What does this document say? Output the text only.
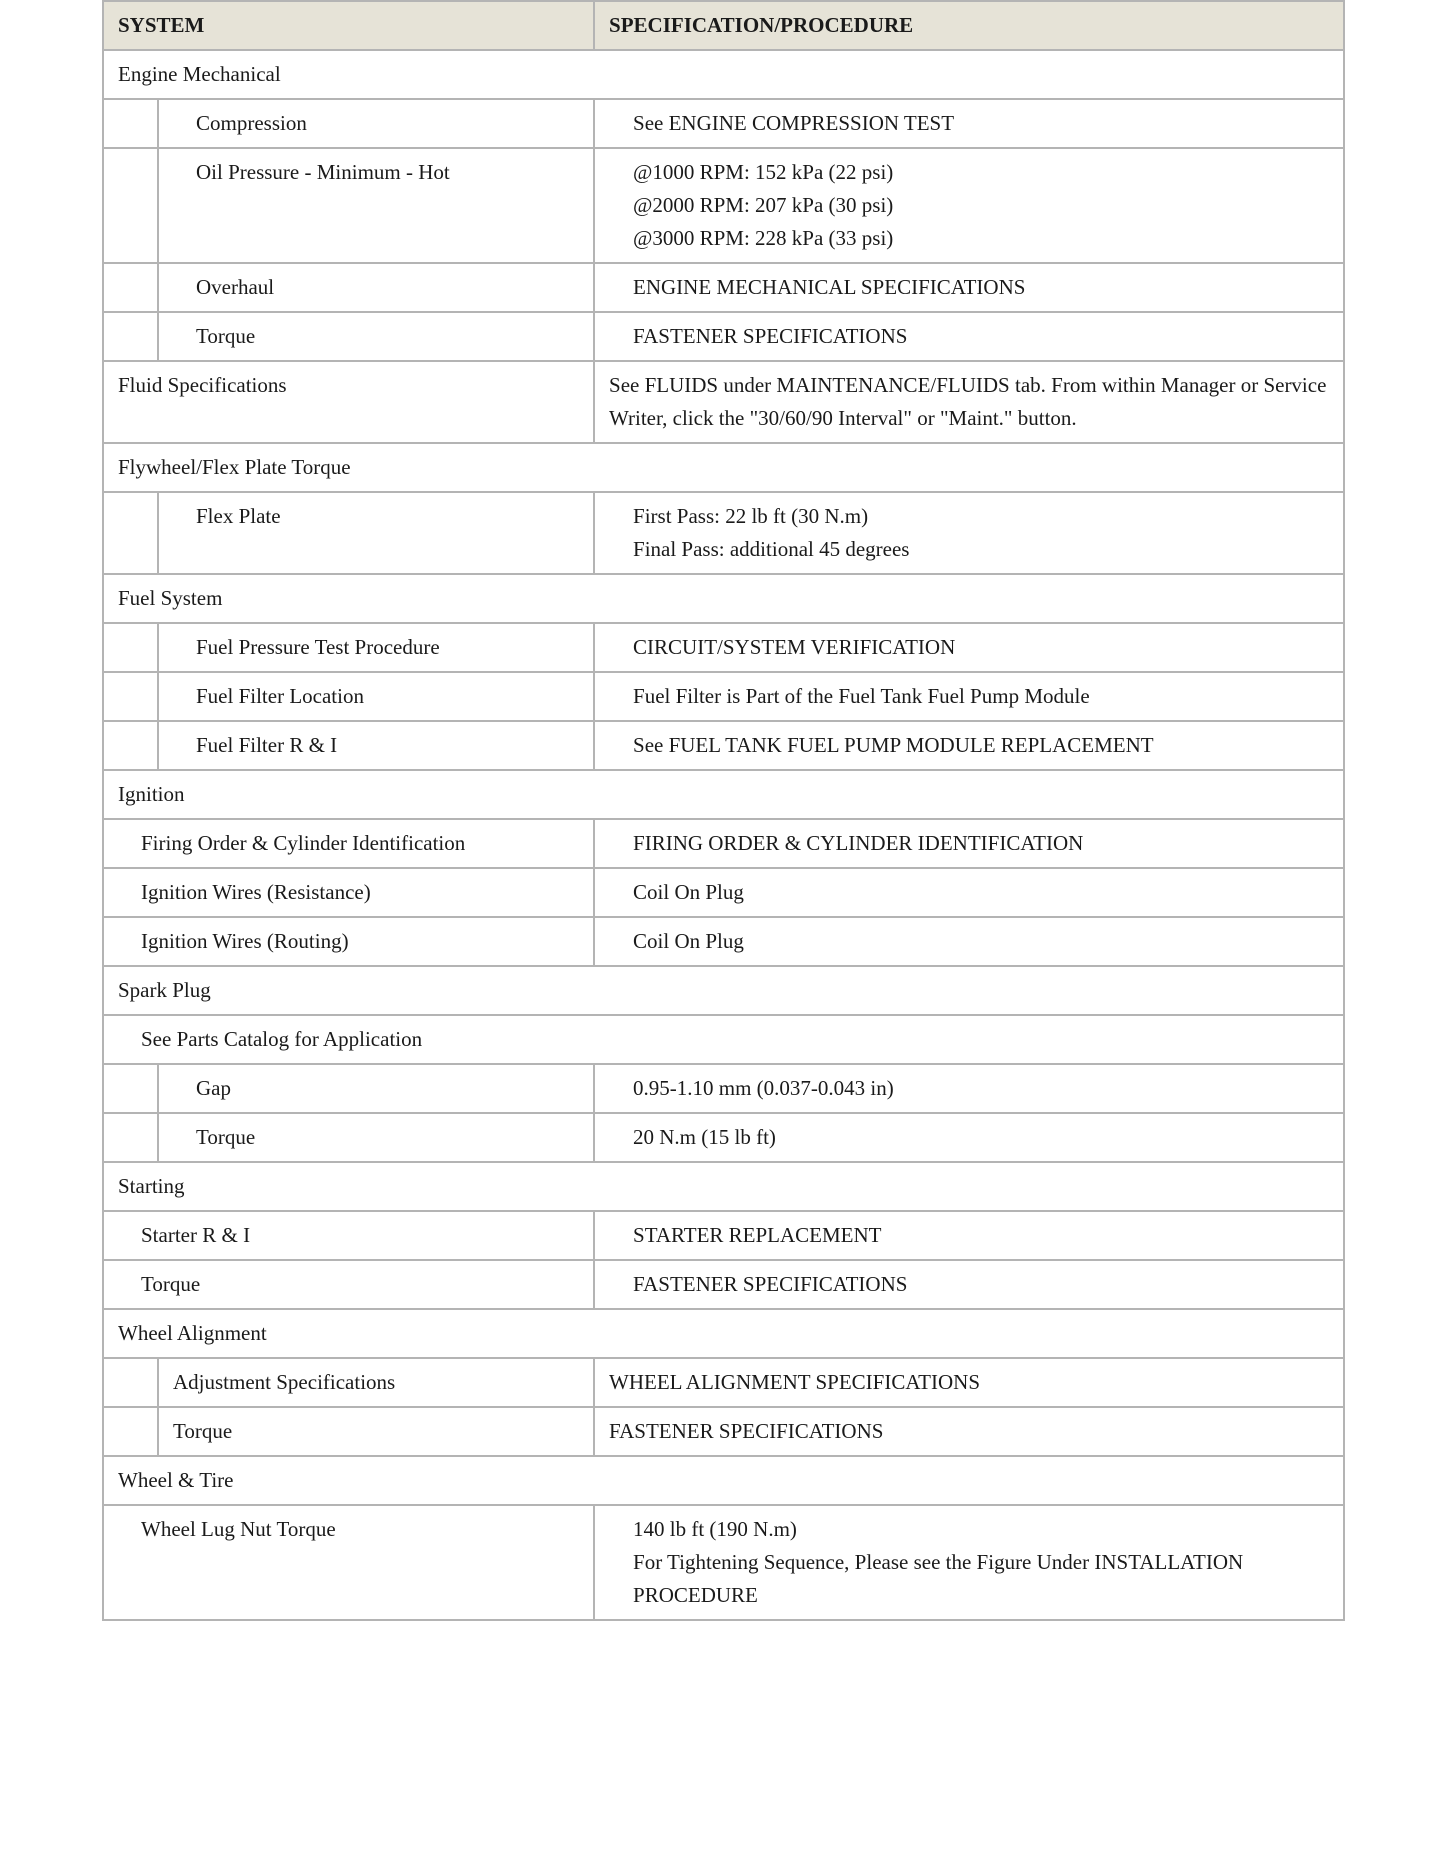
SYSTEM		SPECIFICATION/PROCEDURE
Engine Mechanical		
	Compression	See ENGINE COMPRESSION TEST
	Oil Pressure - Minimum - Hot	@1000 RPM: 152 kPa (22 psi)
@2000 RPM: 207 kPa (30 psi)
@3000 RPM: 228 kPa (33 psi)

	Overhaul	ENGINE MECHANICAL SPECIFICATIONS
	Torque	FASTENER SPECIFICATIONS
Fluid Specifications		See FLUIDS under MAINTENANCE/FLUIDS tab. From within Manager or Service Writer, click the "30/60/90 Interval" or "Maint." button.
Flywheel/Flex Plate Torque		
	Flex Plate	First Pass: 22 lb ft (30 N.m)
Final Pass: additional 45 degrees

Fuel System		
	Fuel Pressure Test Procedure	CIRCUIT/SYSTEM VERIFICATION
	Fuel Filter Location	Fuel Filter is Part of the Fuel Tank Fuel Pump Module
	Fuel Filter R & I	See FUEL TANK FUEL PUMP MODULE REPLACEMENT
Ignition		
Firing Order & Cylinder Identification		FIRING ORDER & CYLINDER IDENTIFICATION
Ignition Wires (Resistance)		Coil On Plug
Ignition Wires (Routing)		Coil On Plug
Spark Plug		
See Parts Catalog for Application		
	Gap	0.95-1.10 mm (0.037-0.043 in)
	Torque	20 N.m (15 lb ft)
Starting		
Starter R & I		STARTER REPLACEMENT
Torque		FASTENER SPECIFICATIONS
Wheel Alignment		
	Adjustment Specifications	WHEEL ALIGNMENT SPECIFICATIONS
	Torque	FASTENER SPECIFICATIONS
Wheel & Tire		
Wheel Lug Nut Torque		140 lb ft (190 N.m)
For Tightening Sequence, Please see the Figure Under INSTALLATION PROCEDURE
